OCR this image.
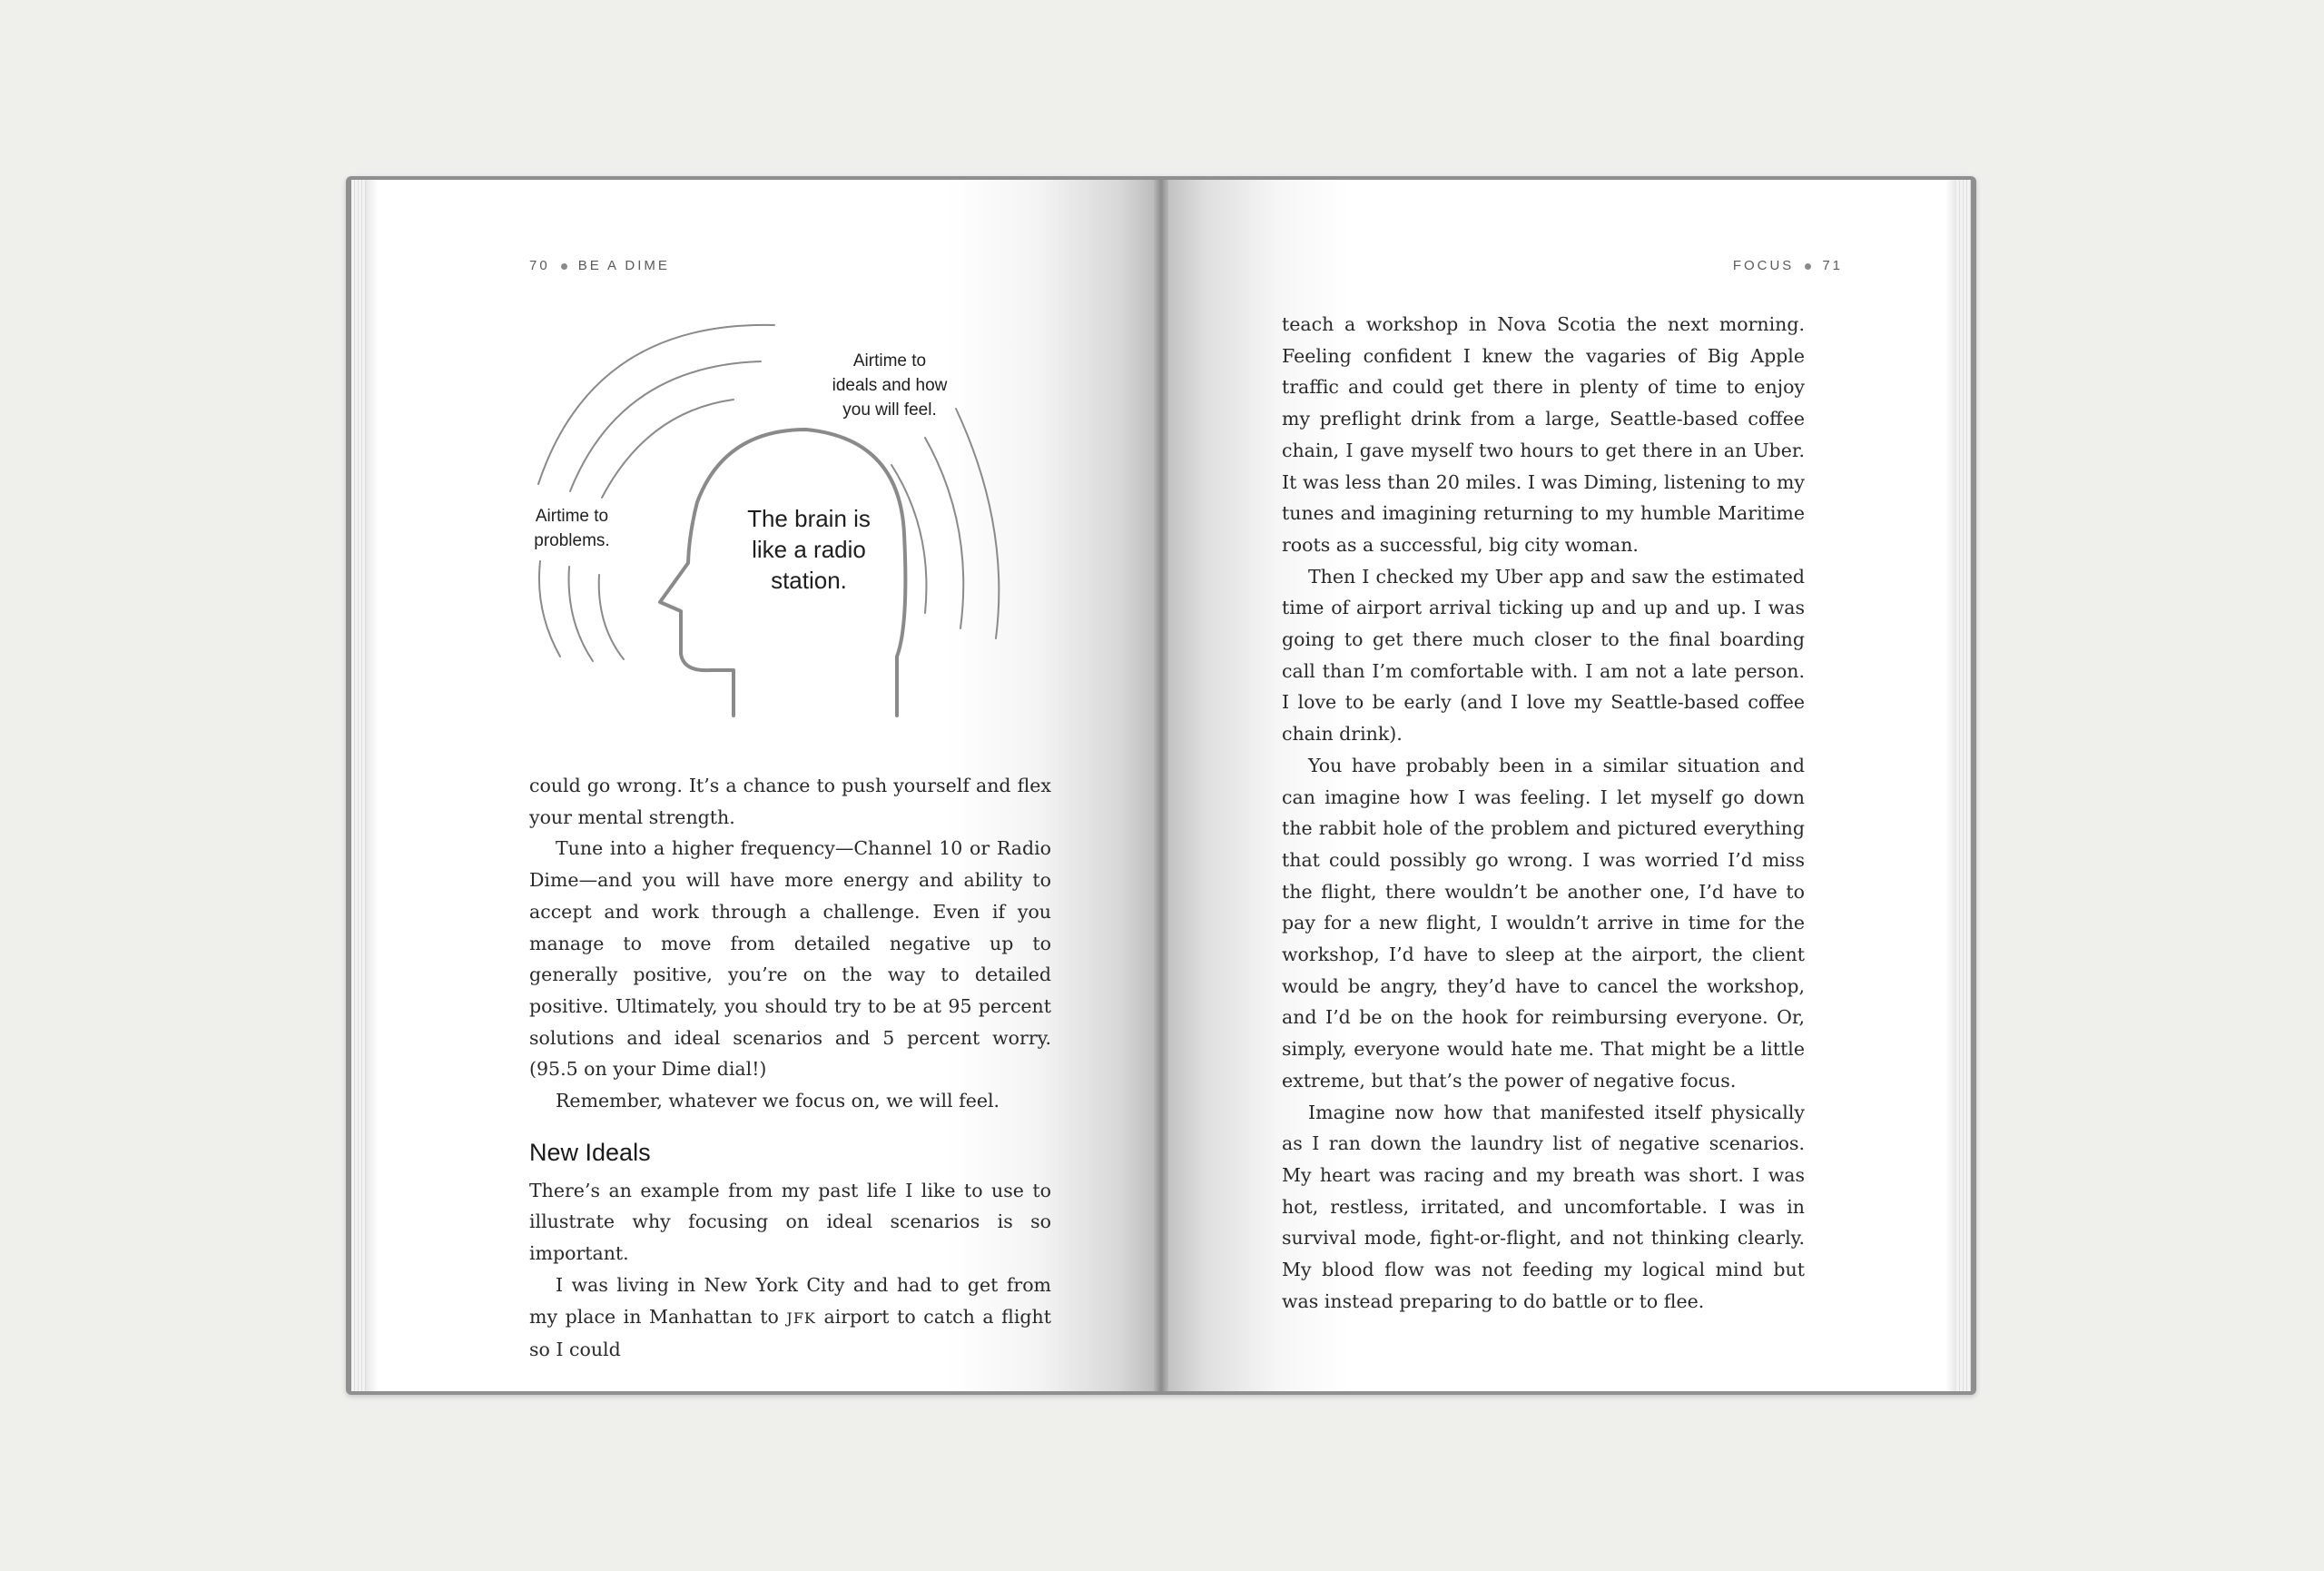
70 BE A DIME
The brain is
like a radio
station.
Airtime to
ideals and how
you will feel.
Airtime to
problems.

could go wrong. It’s a chance to push yourself and flex your mental strength.

Tune into a higher frequency—Channel 10 or Radio Dime—and you will have more energy and ability to accept and work through a challenge. Even if you manage to move from detailed negative up to generally positive, you’re on the way to detailed positive. Ultimately, you should try to be at 95 percent solutions and ideal scenarios and 5 percent worry. (95.5 on your Dime dial!)

Remember, whatever we focus on, we will feel.

New Ideals

There’s an example from my past life I like to use to illustrate why focusing on ideal scenarios is so important.

I was living in New York City and had to get from my place in Manhattan to JFK airport to catch a flight so I could

FOCUS 71

teach a workshop in Nova Scotia the next morning. Feeling confident I knew the vagaries of Big Apple traffic and could get there in plenty of time to enjoy my preflight drink from a large, Seattle-based coffee chain, I gave myself two hours to get there in an Uber. It was less than 20 miles. I was Diming, listening to my tunes and imagining returning to my humble Maritime roots as a successful, big city woman.

Then I checked my Uber app and saw the estimated time of airport arrival ticking up and up and up. I was going to get there much closer to the final boarding call than I’m comfortable with. I am not a late person. I love to be early (and I love my Seattle-based coffee chain drink).

You have probably been in a similar situation and can imagine how I was feeling. I let myself go down the rabbit hole of the problem and pictured everything that could possibly go wrong. I was worried I’d miss the flight, there wouldn’t be another one, I’d have to pay for a new flight, I wouldn’t arrive in time for the workshop, I’d have to sleep at the airport, the client would be angry, they’d have to cancel the workshop, and I’d be on the hook for reimbursing everyone. Or, simply, everyone would hate me. That might be a little extreme, but that’s the power of negative focus.

Imagine now how that manifested itself physically as I ran down the laundry list of negative scenarios. My heart was racing and my breath was short. I was hot, restless, irritated, and uncomfortable. I was in survival mode, fight-or-flight, and not thinking clearly. My blood flow was not feeding my logical mind but was instead preparing to do battle or to flee.
